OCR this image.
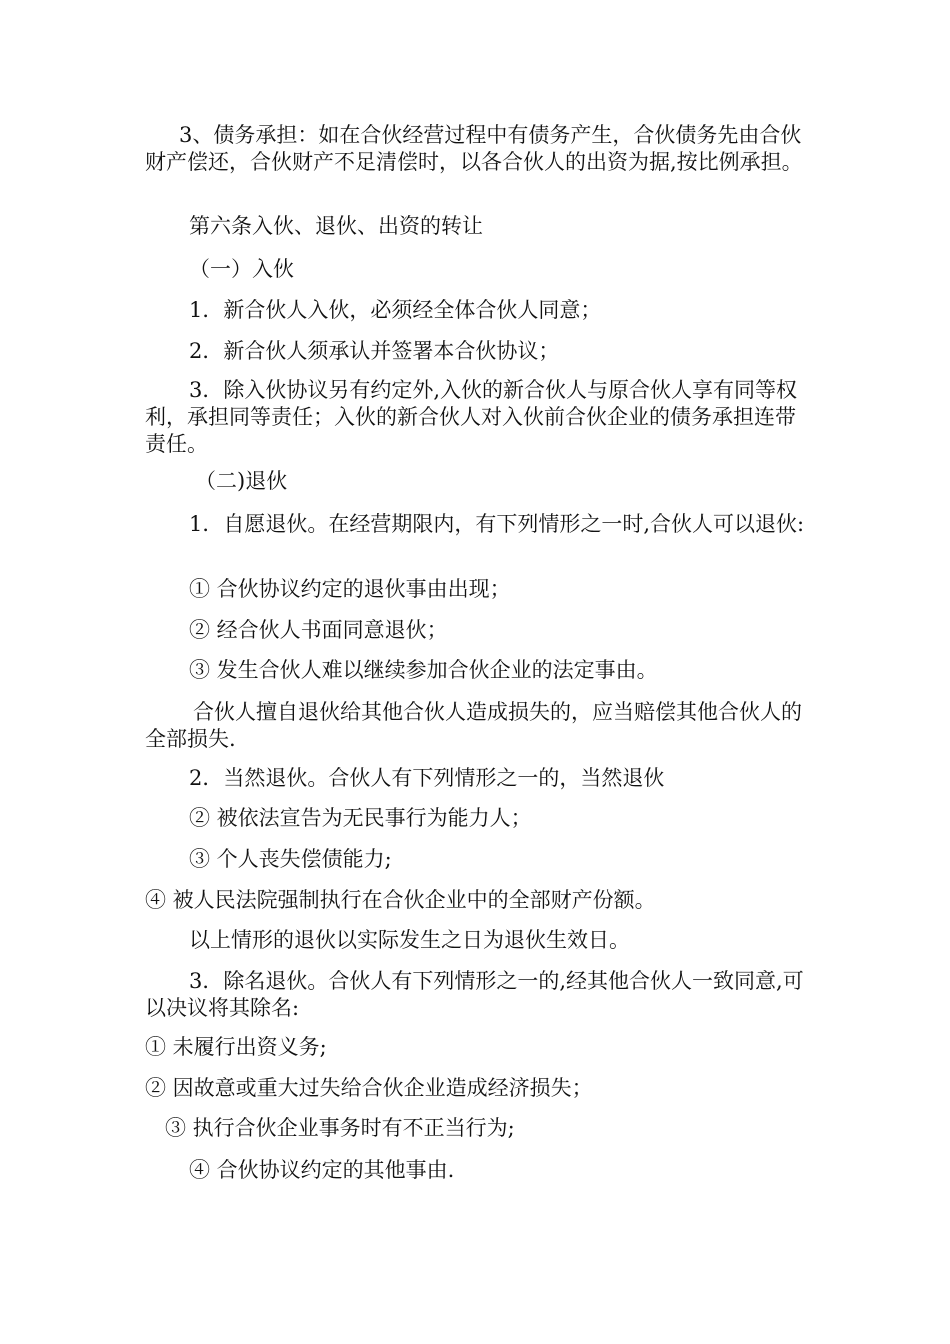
3、债务承担：如在合伙经营过程中有债务产生，合伙债务先由合伙财产偿还，合伙财产不足清偿时，以各合伙人的出资为据,按比例承担。

第六条入伙、退伙、出资的转让

（一）入伙

1．新合伙人入伙，必须经全体合伙人同意；

2．新合伙人须承认并签署本合伙协议；

3．除入伙协议另有约定外,入伙的新合伙人与原合伙人享有同等权利，承担同等责任；入伙的新合伙人对入伙前合伙企业的债务承担连带责任。

（二)退伙

1．自愿退伙。在经营期限内，有下列情形之一时,合伙人可以退伙:

① 合伙协议约定的退伙事由出现；

② 经合伙人书面同意退伙；

③ 发生合伙人难以继续参加合伙企业的法定事由。

合伙人擅自退伙给其他合伙人造成损失的，应当赔偿其他合伙人的全部损失.

2．当然退伙。合伙人有下列情形之一的，当然退伙

② 被依法宣告为无民事行为能力人；

③ 个人丧失偿债能力;

④ 被人民法院强制执行在合伙企业中的全部财产份额。

以上情形的退伙以实际发生之日为退伙生效日。

3．除名退伙。合伙人有下列情形之一的,经其他合伙人一致同意,可以决议将其除名:

① 未履行出资义务;

② 因故意或重大过失给合伙企业造成经济损失；

③ 执行合伙企业事务时有不正当行为;

④ 合伙协议约定的其他事由.
